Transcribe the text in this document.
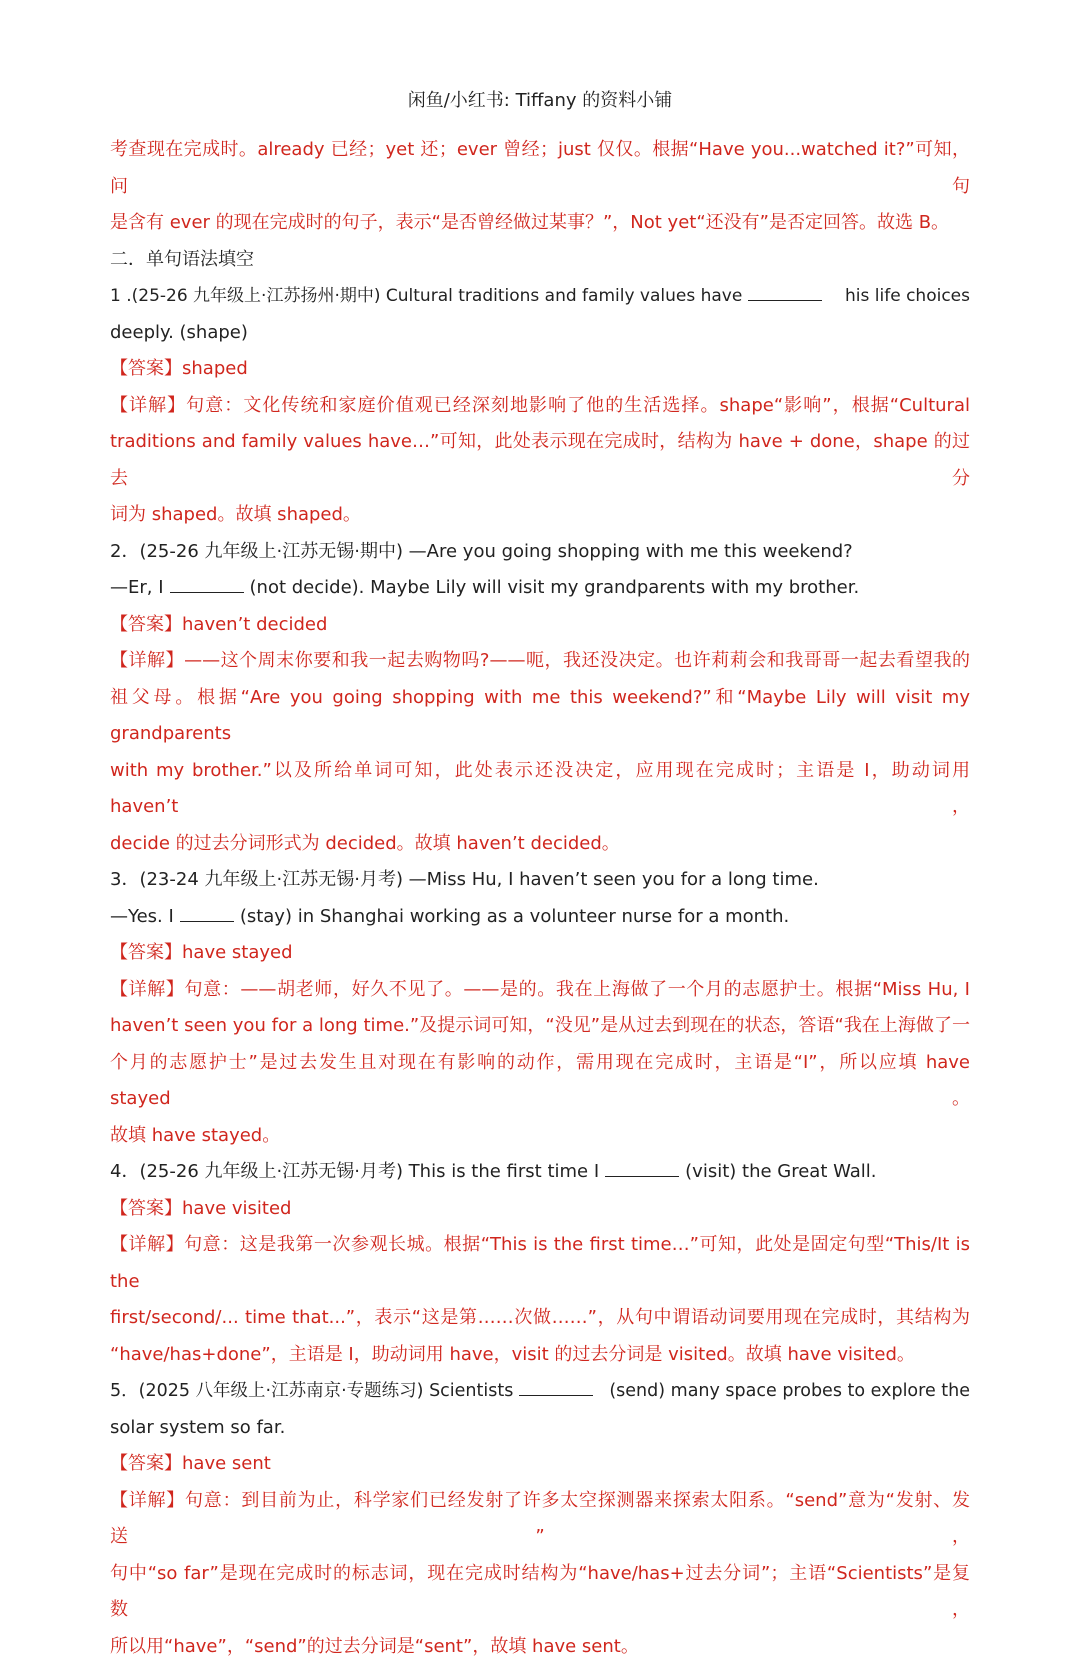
闲鱼/小红书: Tiffany 的资料小铺
考查现在完成时。already 已经；yet 还；ever 曾经；just 仅仅。根据“Have you...watched it?”可知，问句
是含有 ever 的现在完成时的句子，表示“是否曾经做过某事？”，Not yet“还没有”是否定回答。故选 B。
二．单句语法填空
1 .(25-26 九年级上·江苏扬州·期中) Cultural traditions and family values have	his life choices
deeply. (shape)
【答案】shaped
【详解】句意：文化传统和家庭价值观已经深刻地影响了他的生活选择。shape“影响”，根据“Cultural
traditions and family values have…”可知，此处表示现在完成时，结构为 have + done，shape 的过去分
词为 shaped。故填 shaped。
2．(25-26 九年级上·江苏无锡·期中) —Are you going shopping with me this weekend?
—Er, I	(not decide). Maybe Lily will visit my grandparents with my brother.
【答案】haven’t decided
【详解】——这个周末你要和我一起去购物吗?——呃，我还没决定。也许莉莉会和我哥哥一起去看望我的
祖父母。根据“Are you going shopping with me this weekend?”和“Maybe Lily will visit my grandparents
with my brother.”以及所给单词可知，此处表示还没决定，应用现在完成时；主语是 I，助动词用 haven’t，
decide 的过去分词形式为 decided。故填 haven’t decided。
3．(23-24 九年级上·江苏无锡·月考) —Miss Hu, I haven’t seen you for a long time.
—Yes. I	(stay) in Shanghai working as a volunteer nurse for a month.
【答案】have stayed
【详解】句意：——胡老师，好久不见了。——是的。我在上海做了一个月的志愿护士。根据“Miss Hu, I
haven’t seen you for a long time.”及提示词可知，“没见”是从过去到现在的状态，答语“我在上海做了一
个月的志愿护士”是过去发生且对现在有影响的动作，需用现在完成时，主语是“I”，所以应填 have stayed。
故填 have stayed。
4．(25-26 九年级上·江苏无锡·月考) This is the first time I	(visit) the Great Wall.
【答案】have visited
【详解】句意：这是我第一次参观长城。根据“This is the first time…”可知，此处是固定句型“This/It is the
first/second/... time that...”，表示“这是第……次做……”，从句中谓语动词要用现在完成时，其结构为
“have/has+done”，主语是 I，助动词用 have，visit 的过去分词是 visited。故填 have visited。
5．(2025 八年级上·江苏南京·专题练习) Scientists	(send) many space probes to explore the
solar system so far.
【答案】have sent
【详解】句意：到目前为止，科学家们已经发射了许多太空探测器来探索太阳系。“send”意为“发射、发送”，
句中“so far”是现在完成时的标志词，现在完成时结构为“have/has+过去分词”；主语“Scientists”是复数，
所以用“have”，“send”的过去分词是“sent”，故填 have sent。
